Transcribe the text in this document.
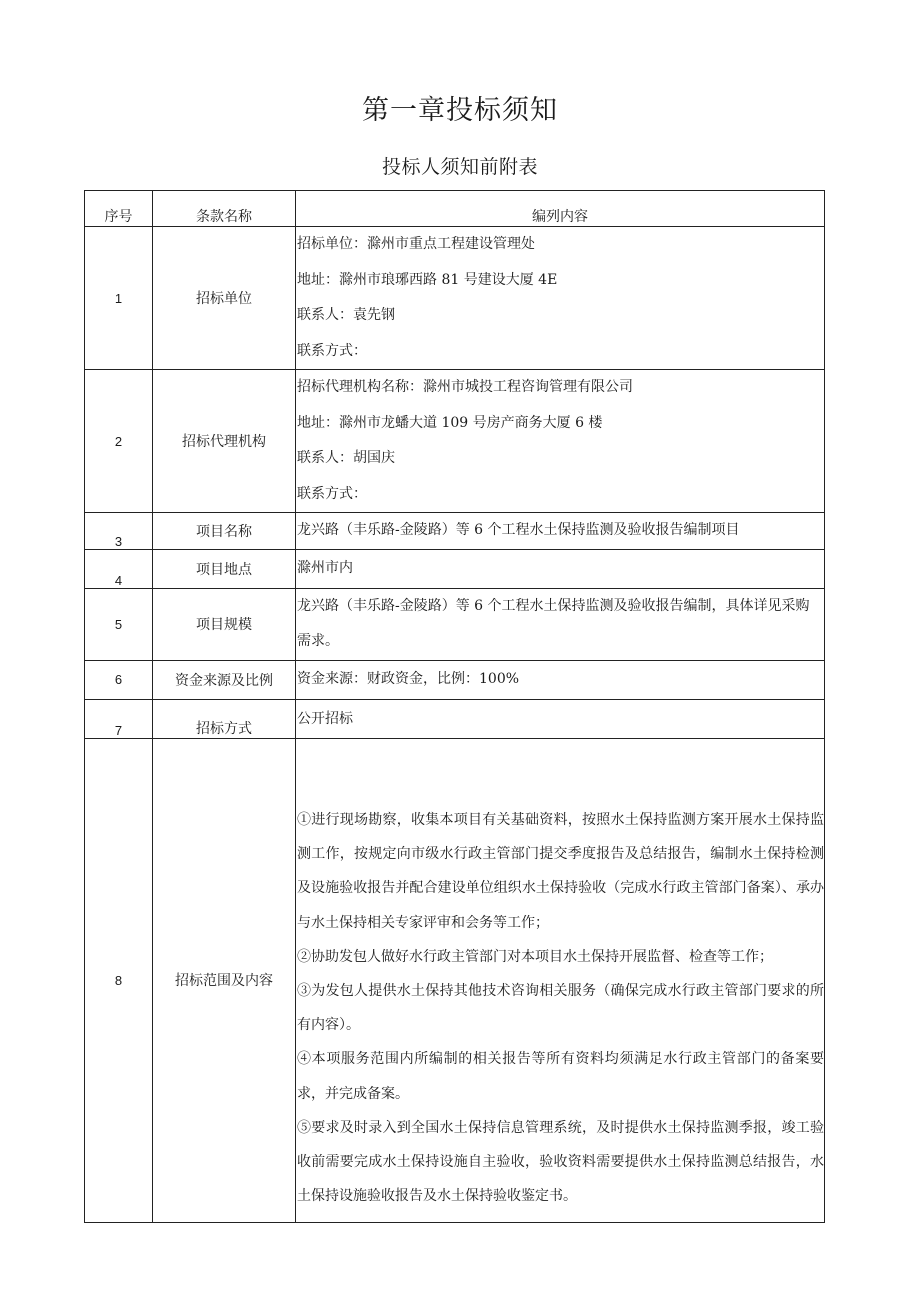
第一章投标须知
投标人须知前附表
序号	条款名称	编列内容
1	招标单位	招标单位：滁州市重点工程建设管理处

地址：滁州市琅琊西路 81 号建设大厦 4E

联系人：袁先钢

联系方式：

2	招标代理机构	招标代理机构名称：滁州市城投工程咨询管理有限公司

地址：滁州市龙蟠大道 109 号房产商务大厦 6 楼

联系人：胡国庆

联系方式：

3	项目名称	龙兴路（丰乐路-金陵路）等 6 个工程水土保持监测及验收报告编制项目
4	项目地点	滁州市内
5	项目规模	龙兴路（丰乐路-金陵路）等 6 个工程水土保持监测及验收报告编制，具体详见采购需求。
6	资金来源及比例	资金来源：财政资金，比例：100%
7	招标方式	公开招标
8	招标范围及内容	①进行现场勘察，收集本项目有关基础资料，按照水土保持监测方案开展水土保持监测工作，按规定向市级水行政主管部门提交季度报告及总结报告，编制水土保持检测及设施验收报告并配合建设单位组织水土保持验收（完成水行政主管部门备案）、承办与水土保持相关专家评审和会务等工作；

②协助发包人做好水行政主管部门对本项目水土保持开展监督、检查等工作；

③为发包人提供水土保持其他技术咨询相关服务（确保完成水行政主管部门要求的所有内容）。

④本项服务范围内所编制的相关报告等所有资料均须满足水行政主管部门的备案要求，并完成备案。

⑤要求及时录入到全国水土保持信息管理系统，及时提供水土保持监测季报，竣工验收前需要完成水土保持设施自主验收，验收资料需要提供水土保持监测总结报告，水土保持设施验收报告及水土保持验收鉴定书。
